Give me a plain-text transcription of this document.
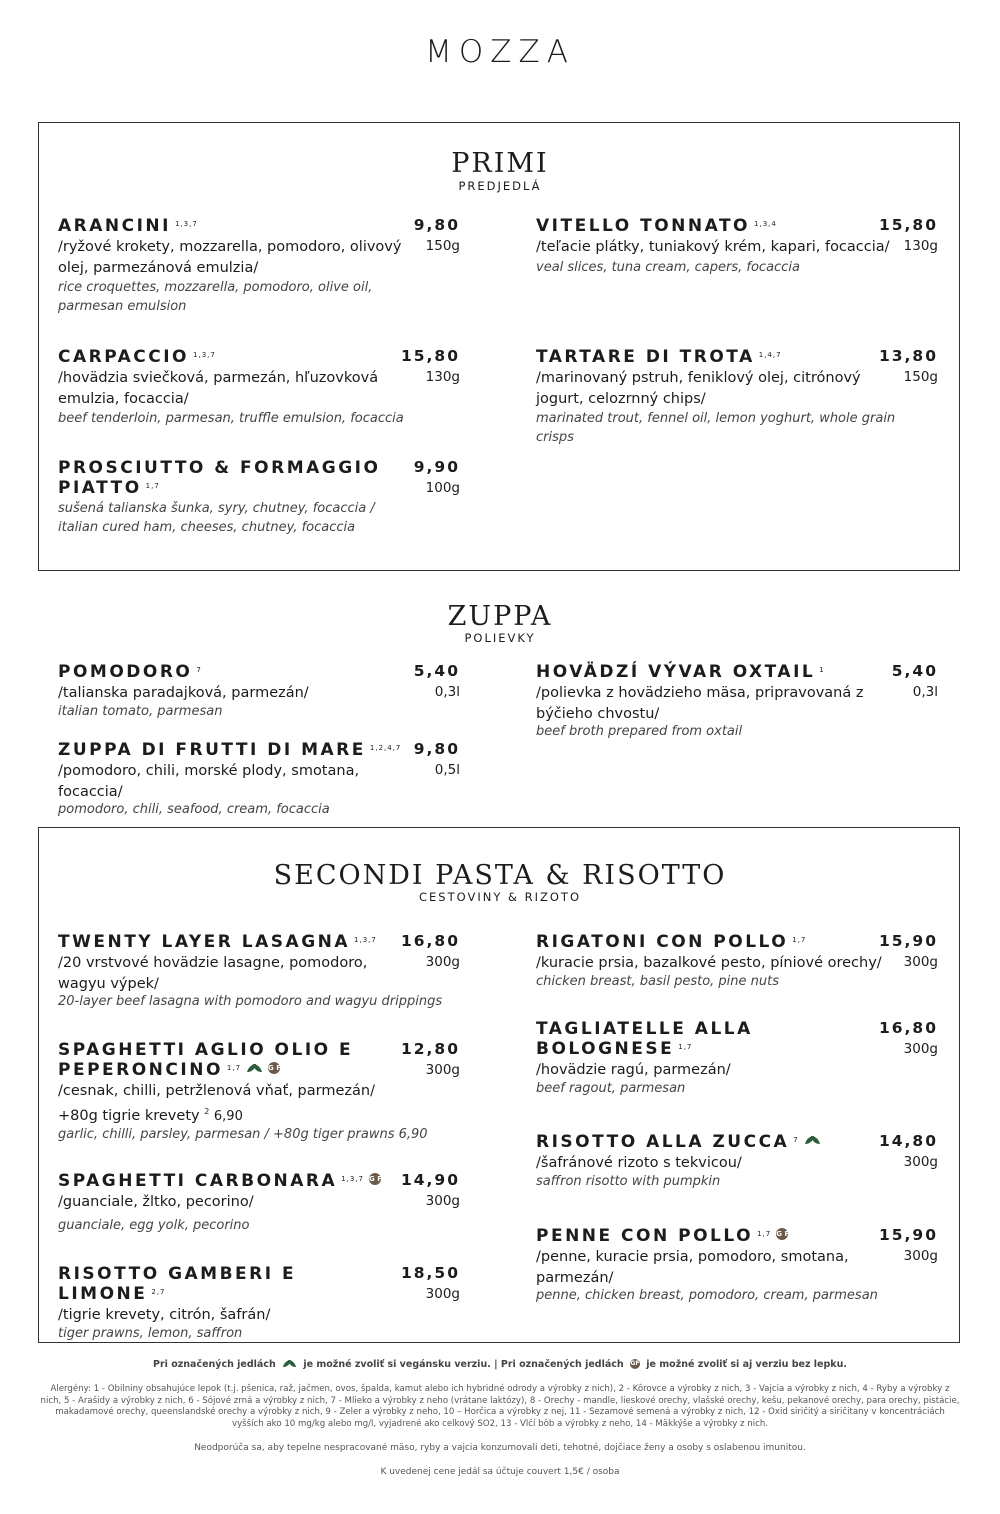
MOZZA
PRIMI
PREDJEDLÁ
ARANCINI $^{1,3,7}$	9,80
150g
/ryžové krokety, mozzarella, pomodoro, olivový olej, parmezánová emulzia/
rice croquettes, mozzarella, pomodoro, olive oil, parmesan emulsion
VITELLO TONNATO $^{1,3,4}$	15,80
130g
/teľacie plátky, tuniakový krém, kapari, focaccia/
veal slices, tuna cream, capers, focaccia
CARPACCIO $^{1,3,7}$	15,80
130g
/hovädzia sviečková, parmezán, hľuzovková emulzia, focaccia/
beef tenderloin, parmesan, truffle emulsion, focaccia
TARTARE DI TROTA $^{1,4,7}$	13,80
150g
/marinovaný pstruh, feniklový olej, citrónový jogurt, celozrnný chips/
marinated trout, fennel oil, lemon yoghurt, whole grain crisps
PROSCIUTTO & FORMAGGIO PIATTO $^{1,7}$
9,90
100g
sušená talianska šunka, syry, chutney, focaccia / italian cured ham, cheeses, chutney, focaccia
ZUPPA
POLIEVKY
POMODORO $^7$	5,40
0,3l
/talianska paradajková, parmezán/
italian tomato, parmesan
HOVÄDZÍ VÝVAR OXTAIL $^1$	5,40
0,3l
/polievka z hovädzieho mäsa, pripravovaná z býčieho chvostu/
beef broth prepared from oxtail
ZUPPA DI FRUTTI DI MARE $^{1,2,4,7}$ 9,80
0,5l
/pomodoro, chili, morské plody, smotana, focaccia/
pomodoro, chili, seafood, cream, focaccia
SECONDI PASTA & RISOTTO
CESTOVINY & RIZOTO
TWENTY LAYER LASAGNA $^{1,3,7}$	16,80
300g
/20 vrstvové hovädzie lasagne, pomodoro, wagyu výpek/
20-layer beef lasagna with pomodoro and wagyu drippings
RIGATONI CON POLLO $^{1,7}$	15,90
300g
/kuracie prsia, bazalkové pesto, píniové orechy/
chicken breast, basil pesto, pine nuts
SPAGHETTI AGLIO OLIO E PEPERONCINO $^{1,7}$	GF
12,80
300g
/cesnak, chilli, petržlenová vňať, parmezán/
+80g tigrie krevety $^2$ 6,90
garlic, chilli, parsley, parmesan / +80g tiger prawns 6,90
TAGLIATELLE ALLA BOLOGNESE $^{1,7}$
16,80
300g
/hovädzie ragú, parmezán/
beef ragout, parmesan
RISOTTO ALLA ZUCCA $^7$	14,80
300g
/šafránové rizoto s tekvicou/
saffron risotto with pumpkin
SPAGHETTI CARBONARA $^{1,3,7}$ GF	14,90
300g
/guanciale, žltko, pecorino/
guanciale, egg yolk, pecorino
PENNE CON POLLO $^{1,7}$ GF	15,90
300g
/penne, kuracie prsia, pomodoro, smotana, parmezán/
penne, chicken breast, pomodoro, cream, parmesan
RISOTTO GAMBERI E LIMONE $^{2,7}$
18,50
300g
/tigrie krevety, citrón, šafrán/
tiger prawns, lemon, saffron
Pri označených jedlách	je možné zvoliť si vegánsku verziu. | Pri označených jedlách GF je možné zvoliť si aj verziu bez lepku.
Alergény: 1 - Obilniny obsahujúce lepok (t.j. pšenica, raž, jačmen, ovos, špalda, kamut alebo ich hybridné odrody a výrobky z nich), 2 - Kôrovce a výrobky z nich, 3 - Vajcia a výrobky z nich, 4 - Ryby a výrobky z nich, 5 - Arašidy a výrobky z nich, 6 - Sójové zrná a výrobky z nich, 7 - Mlieko a výrobky z neho (vrátane laktózy), 8 - Orechy - mandle, lieskové orechy, vlašské orechy, kešu, pekanové orechy, para orechy, pistácie, makadamové orechy, queenslandské orechy a výrobky z nich, 9 - Zeler a výrobky z neho, 10 – Horčica a výrobky z nej, 11 - Sezamové semená a výrobky z nich, 12 - Oxid siričitý a siričitany v koncentráciách vyšších ako 10 mg/kg alebo mg/l, vyjadrené ako celkový SO2, 13 - Vlčí bôb a výrobky z neho, 14 - Mäkkýše a výrobky z nich.
Neodporúča sa, aby tepelne nespracované mäso, ryby a vajcia konzumovali deti, tehotné, dojčiace ženy a osoby s oslabenou imunitou.
K uvedenej cene jedál sa účtuje couvert 1,5€ / osoba
